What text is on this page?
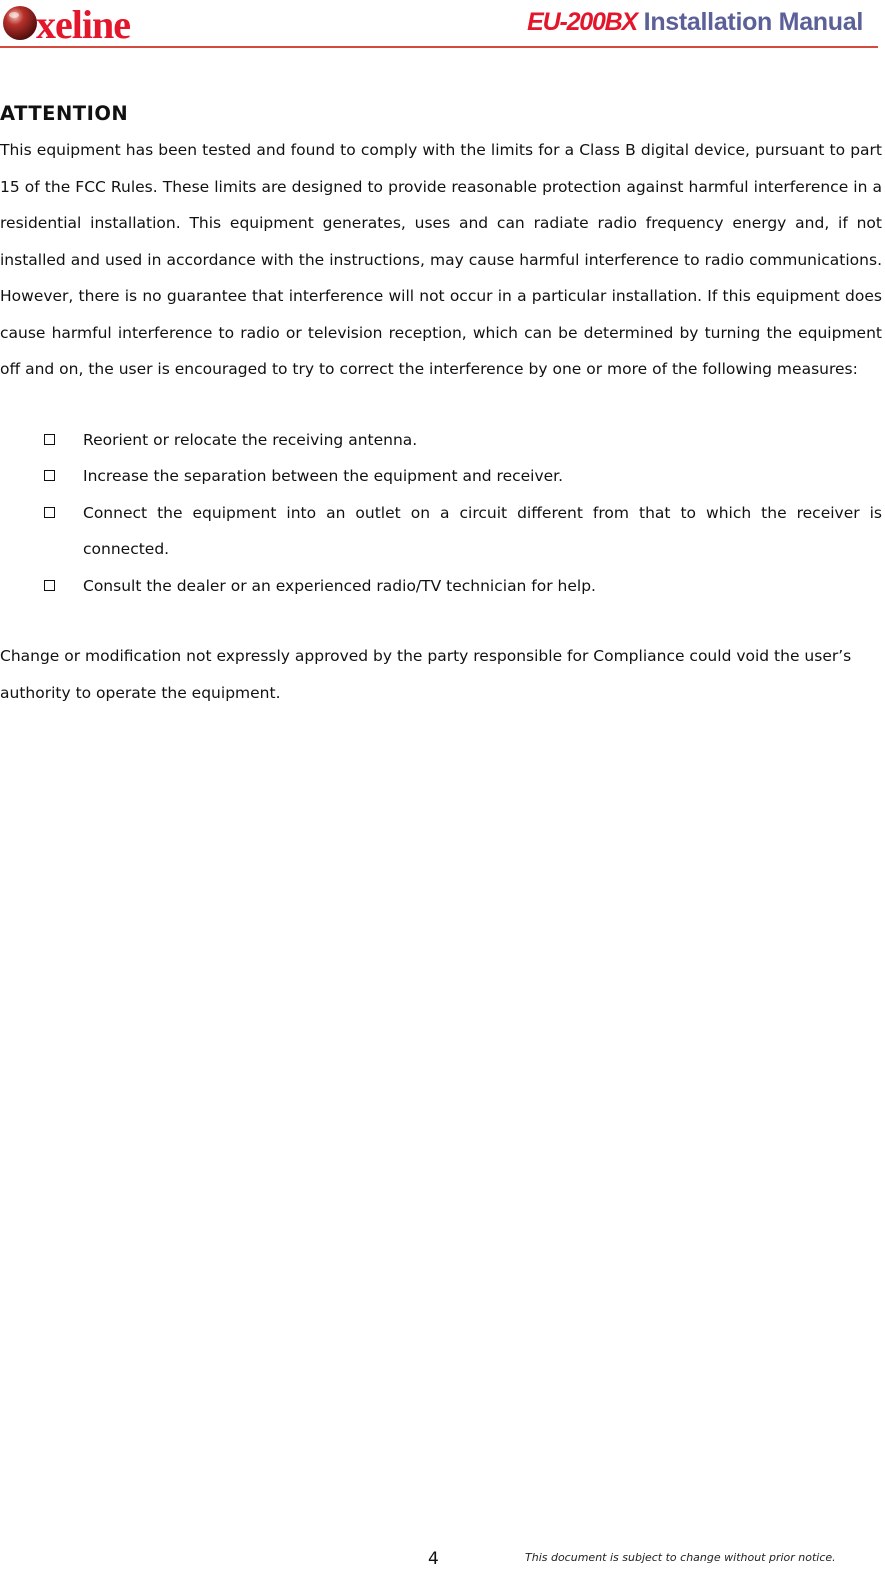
xeline	EU-200BX Installation Manual

ATTENTION

This equipment has been tested and found to comply with the limits for a Class B digital device, pursuant to part 15 of the FCC Rules. These limits are designed to provide reasonable protection against harmful interference in a residential installation. This equipment generates, uses and can radiate radio frequency energy and, if not installed and used in accordance with the instructions, may cause harmful interference to radio communications. However, there is no guarantee that interference will not occur in a particular installation. If this equipment does cause harmful interference to radio or television reception, which can be determined by turning the equipment off and on, the user is encouraged to try to correct the interference by one or more of the following measures:

Reorient or relocate the receiving antenna.
Increase the separation between the equipment and receiver.
Connect the equipment into an outlet on a circuit different from that to which the receiver is connected.
Consult the dealer or an experienced radio/TV technician for help.

Change or modification not expressly approved by the party responsible for Compliance could void the user’s authority to operate the equipment.

4	This document is subject to change without prior notice.
